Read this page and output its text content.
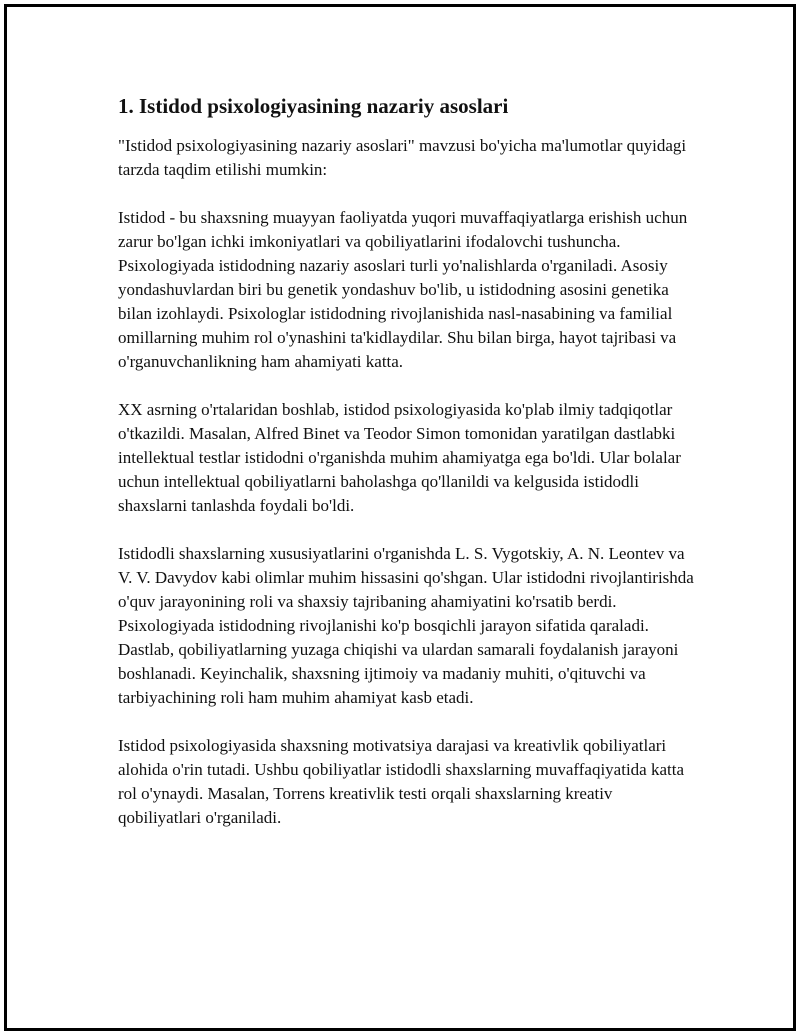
1. Istidod psixologiyasining nazariy asoslari

"Istidod psixologiyasining nazariy asoslari" mavzusi bo'yicha ma'lumotlar quyidagi tarzda taqdim etilishi mumkin:

Istidod - bu shaxsning muayyan faoliyatda yuqori muvaffaqiyatlarga erishish uchun zarur bo'lgan ichki imkoniyatlari va qobiliyatlarini ifodalovchi tushuncha. Psixologiyada istidodning nazariy asoslari turli yo'nalishlarda o'rganiladi. Asosiy yondashuvlardan biri bu genetik yondashuv bo'lib, u istidodning asosini genetika bilan izohlaydi. Psixologlar istidodning rivojlanishida nasl-nasabining va familial omillarning muhim rol o'ynashini ta'kidlaydilar. Shu bilan birga, hayot tajribasi va o'rganuvchanlikning ham ahamiyati katta.

XX asrning o'rtalaridan boshlab, istidod psixologiyasida ko'plab ilmiy tadqiqotlar o'tkazildi. Masalan, Alfred Binet va Teodor Simon tomonidan yaratilgan dastlabki intellektual testlar istidodni o'rganishda muhim ahamiyatga ega bo'ldi. Ular bolalar uchun intellektual qobiliyatlarni baholashga qo'llanildi va kelgusida istidodli shaxslarni tanlashda foydali bo'ldi.

Istidodli shaxslarning xususiyatlarini o'rganishda L. S. Vygotskiy, A. N. Leontev va V. V. Davydov kabi olimlar muhim hissasini qo'shgan. Ular istidodni rivojlantirishda o'quv jarayonining roli va shaxsiy tajribaning ahamiyatini ko'rsatib berdi. Psixologiyada istidodning rivojlanishi ko'p bosqichli jarayon sifatida qaraladi. Dastlab, qobiliyatlarning yuzaga chiqishi va ulardan samarali foydalanish jarayoni boshlanadi. Keyinchalik, shaxsning ijtimoiy va madaniy muhiti, o'qituvchi va tarbiyachining roli ham muhim ahamiyat kasb etadi.

Istidod psixologiyasida shaxsning motivatsiya darajasi va kreativlik qobiliyatlari alohida o'rin tutadi. Ushbu qobiliyatlar istidodli shaxslarning muvaffaqiyatida katta rol o'ynaydi. Masalan, Torrens kreativlik testi orqali shaxslarning kreativ qobiliyatlari o'rganiladi.
